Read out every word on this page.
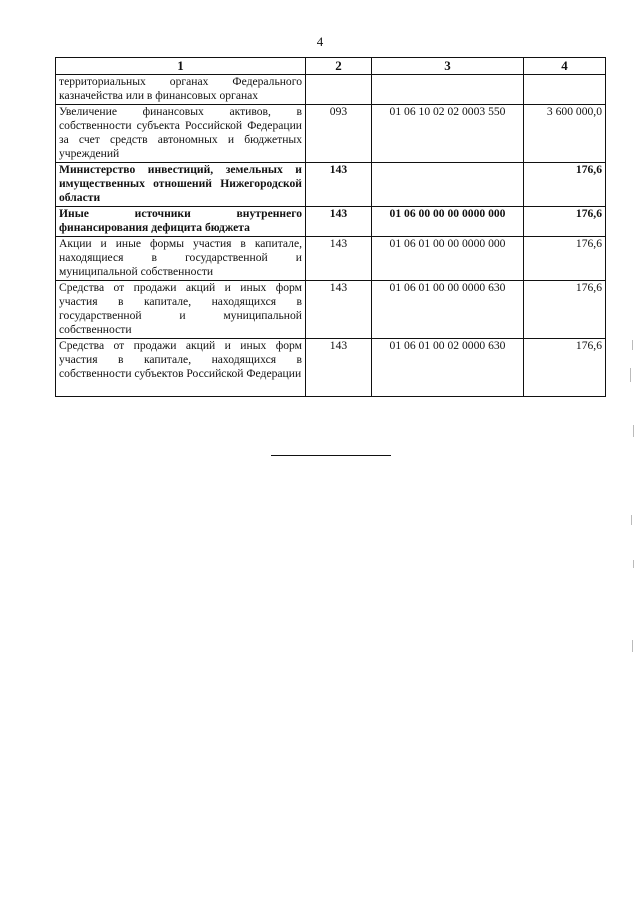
4
1	2	3	4
территориальных органах Федерального казначейства или в финансовых органах			
Увеличение финансовых активов, в собственности субъекта Российской Федерации за счет средств автономных и бюджетных учреждений	093	01 06 10 02 02 0003 550	3 600 000,0
Министерство инвестиций, земельных и имущественных отношений Нижегородской области	143		176,6
Иные источники внутреннего финансирования дефицита бюджета	143	01 06 00 00 00 0000 000	176,6
Акции и иные формы участия в капитале, находящиеся в государственной и муниципальной собственности	143	01 06 01 00 00 0000 000	176,6
Средства от продажи акций и иных форм участия в капитале, находящихся в государственной и муниципальной собственности	143	01 06 01 00 00 0000 630	176,6
Средства от продажи акций и иных форм участия в капитале, находящихся в собственности субъектов Российской Федерации	143	01 06 01 00 02 0000 630	176,6
